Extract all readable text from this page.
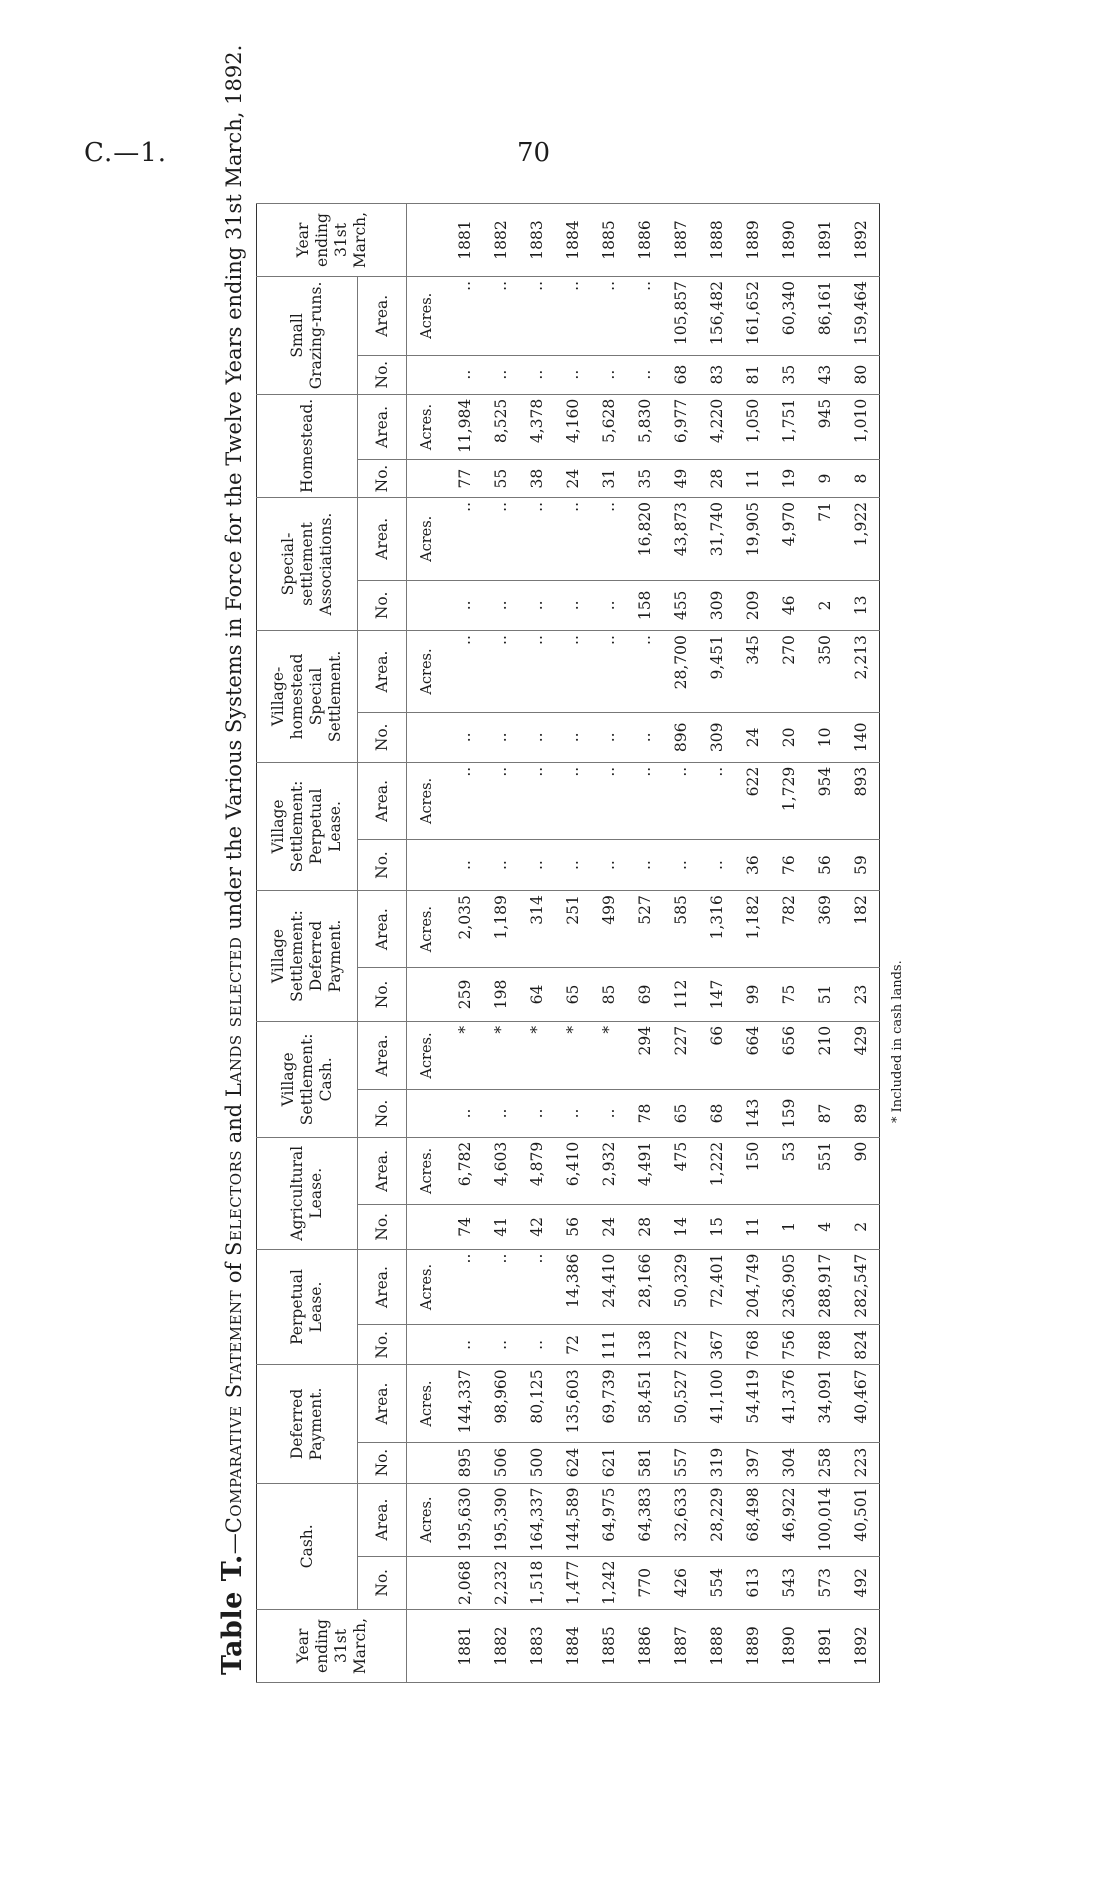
C.—1.	70
Table T.—Comparative Statement of Selectors and Lands selected under the Various Systems in Force for the Twelve Years ending 31st March, 1892.
Year ending 31st March,	Cash.		Deferred Payment.		Perpetual Lease.		Agricultural Lease.		Village Settlement: Cash.		Village Settlement: Deferred Payment.		Village Settlement: Perpetual Lease.		Village-homestead Special Settlement.		Special-settlement Associations.		Homestead.		Small Grazing-runs.		Year ending 31st March,
	No.	Area.	No.	Area.	No.	Area.	No.	Area.	No.	Area.	No.	Area.	No.	Area.	No.	Area.	No.	Area.	No.	Area.	No.	Area.	
		Acres.		Acres.		Acres.		Acres.		Acres.		Acres.		Acres.		Acres.		Acres.		Acres.		Acres.	
1881	2,068	195,630	895	144,337	..	..	74	6,782	..	*	259	2,035	..	..	..	..	..	..	77	11,984	..	..	1881
1882	2,232	195,390	506	98,960	..	..	41	4,603	..	*	198	1,189	..	..	..	..	..	..	55	8,525	..	..	1882
1883	1,518	164,337	500	80,125	..	..	42	4,879	..	*	64	314	..	..	..	..	..	..	38	4,378	..	..	1883
1884	1,477	144,589	624	135,603	72	14,386	56	6,410	..	*	65	251	..	..	..	..	..	..	24	4,160	..	..	1884
1885	1,242	64,975	621	69,739	111	24,410	24	2,932	..	*	85	499	..	..	..	..	..	..	31	5,628	..	..	1885
1886	770	64,383	581	58,451	138	28,166	28	4,491	78	294	69	527	..	..	..	..	158	16,820	35	5,830	..	..	1886
1887	426	32,633	557	50,527	272	50,329	14	475	65	227	112	585	..	..	896	28,700	455	43,873	49	6,977	68	105,857	1887
1888	554	28,229	319	41,100	367	72,401	15	1,222	68	66	147	1,316	..	..	309	9,451	309	31,740	28	4,220	83	156,482	1888
1889	613	68,498	397	54,419	768	204,749	11	150	143	664	99	1,182	36	622	24	345	209	19,905	11	1,050	81	161,652	1889
1890	543	46,922	304	41,376	756	236,905	1	53	159	656	75	782	76	1,729	20	270	46	4,970	19	1,751	35	60,340	1890
1891	573	100,014	258	34,091	788	288,917	4	551	87	210	51	369	56	954	10	350	2	71	9	945	43	86,161	1891
1892	492	40,501	223	40,467	824	282,547	2	90	89	429	23	182	59	893	140	2,213	13	1,922	8	1,010	80	159,464	1892
* Included in cash lands.
